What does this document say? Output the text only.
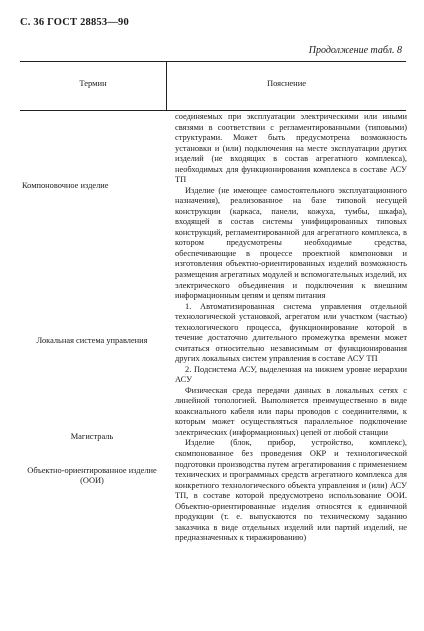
С. 36 ГОСТ 28853—90
Продолжение табл. 8
Термин	Пояснение
Компоновочное изделие
Локальная система управления
Магистраль
Объектно-ориентированное изделие (ООИ)

соединяемых при эксплуатации электрическими или иными связями в соответствии с регламентированными (типовыми) структурами. Может быть предусмотрена возможность установки и (или) подключения на месте эксплуатации других изделий (не входящих в состав агрегатного комплекса), необходимых для функционирования комплекса в составе АСУ ТП

Изделие (не имеющее самостоятельного эксплуатационного назначения), реализованное на базе типовой несущей конструкции (каркаса, панели, кожуха, тумбы, шкафа), входящей в состав системы унифицированных типовых конструкций, регламентированной для агрегатного комплекса, в котором предусмотрены необходимые средства, обеспечивающие в процессе проектной компоновки и изготовления объектно-ориентированных изделий возможность размещения агрегатных модулей и вспомогательных изделий, их электрического объединения и подключения к внешним информационным цепям и цепям питания

1. Автоматизированная система управления отдельной технологической установкой, агрегатом или участком (частью) технологического процесса, функционирование которой в течение достаточно длительного промежутка времени может считаться относительно независимым от функционирования других локальных систем управления в составе АСУ ТП

2. Подсистема АСУ, выделенная на нижнем уровне иерархии АСУ

Физическая среда передачи данных в локальных сетях с линейной топологией. Выполняется преимущественно в виде коаксиального кабеля или пары проводов с соединителями, к которым может осуществляться параллельное подключение электрических (информационных) цепей от любой станции

Изделие (блок, прибор, устройство, комплекс), скомпонованное без проведения ОКР и технологической подготовки производства путем агрегатирования с применением технических и программных средств агрегатного комплекса для конкретного технологического объекта управления и (или) АСУ ТП, в составе которой предусмотрено использование ООИ. Объектно-ориентированные изделия относятся к единичной продукции (т. е. выпускаются по техническому заданию заказчика в виде отдельных изделий или партий изделий, не предназначенных к тиражированию)
